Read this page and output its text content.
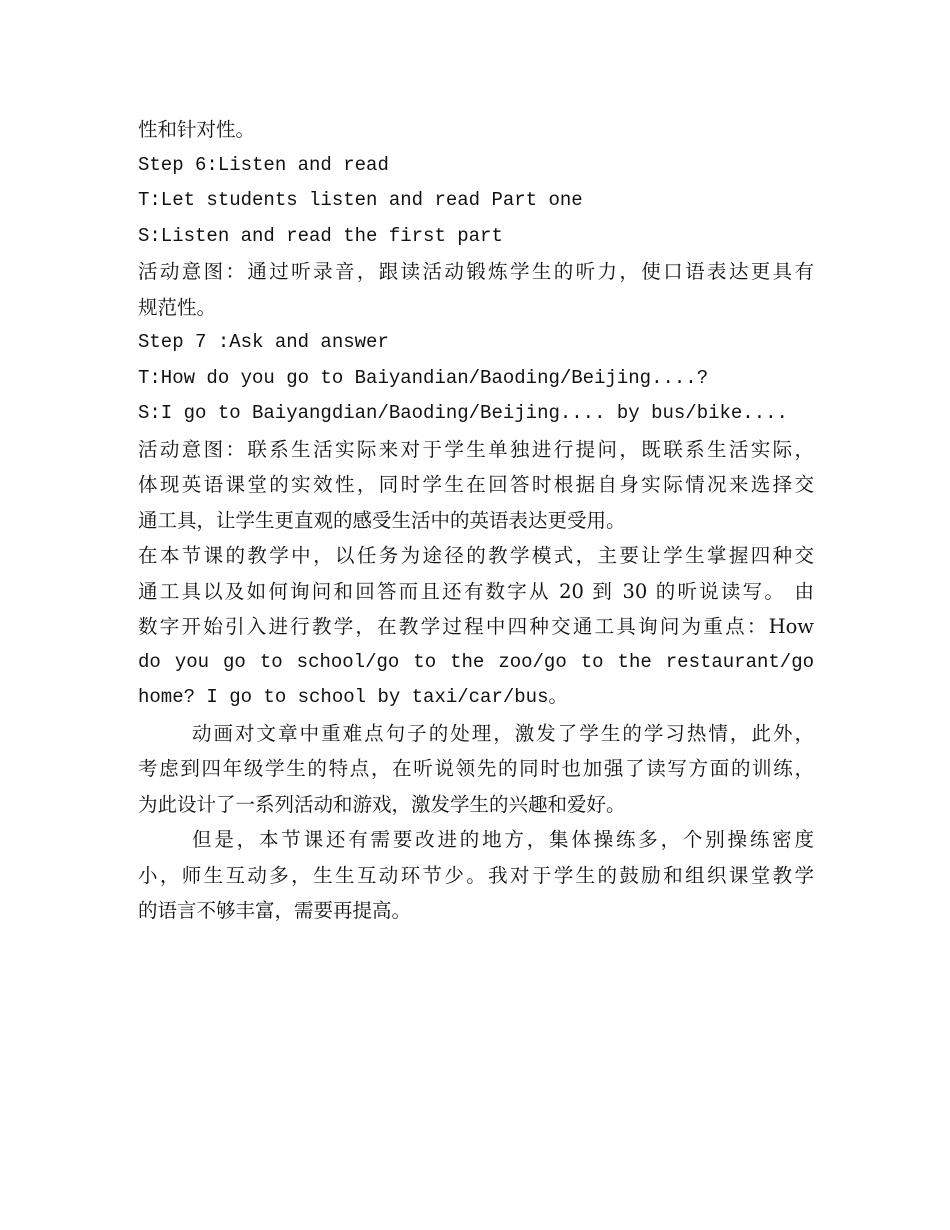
性和针对性。
Step 6:Listen and read
T:Let students listen and read Part one
S:Listen and read the first part
活动意图：通过听录音，跟读活动锻炼学生的听力，使口语表达更具有
规范性。
Step 7 :Ask and answer
T:How do you go to Baiyandian/Baoding/Beijing....?
S:I go to Baiyangdian/Baoding/Beijing.... by bus/bike....
活动意图：联系生活实际来对于学生单独进行提问，既联系生活实际，
体现英语课堂的实效性，同时学生在回答时根据自身实际情况来选择交
通工具，让学生更直观的感受生活中的英语表达更受用。
在本节课的教学中，以任务为途径的教学模式，主要让学生掌握四种交
通工具以及如何询问和回答而且还有数字从 20 到 30 的听说读写。 由
数字开始引入进行教学，在教学过程中四种交通工具询问为重点：How
do you go to school/go to the zoo/go to the restaurant/go
home? I go to school by taxi/car/bus。
动画对文章中重难点句子的处理，激发了学生的学习热情，此外，
考虑到四年级学生的特点，在听说领先的同时也加强了读写方面的训练，
为此设计了一系列活动和游戏，激发学生的兴趣和爱好。
但是，本节课还有需要改进的地方，集体操练多，个别操练密度
小，师生互动多，生生互动环节少。我对于学生的鼓励和组织课堂教学
的语言不够丰富，需要再提高。
